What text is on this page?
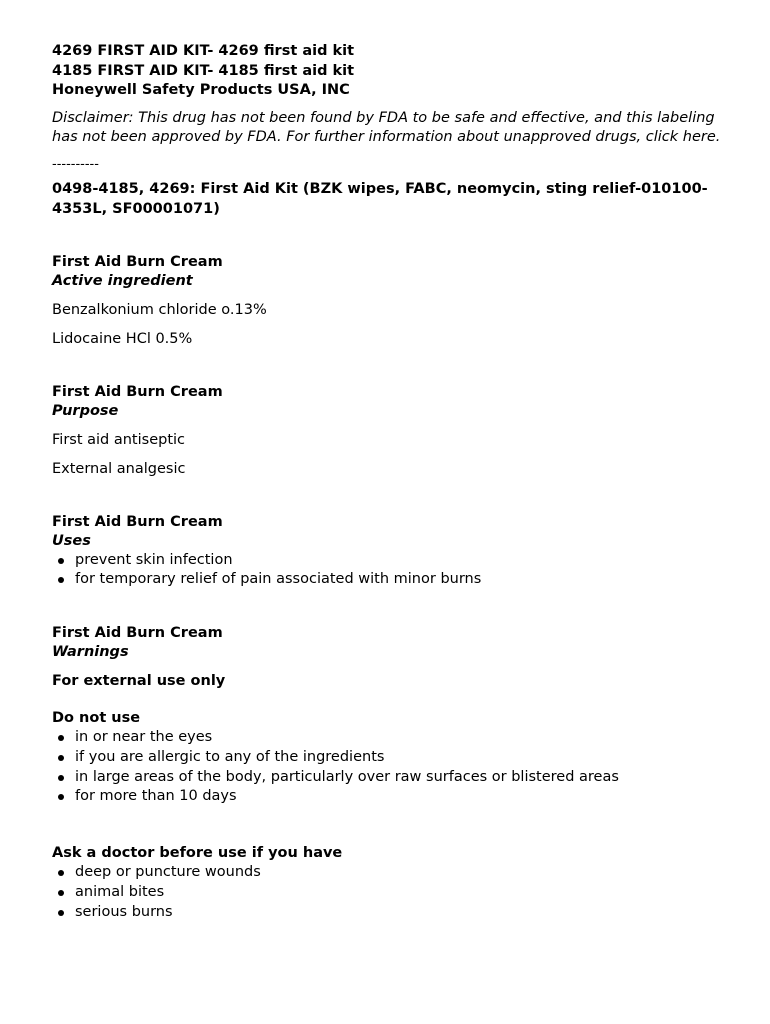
4269 FIRST AID KIT- 4269 first aid kit
4185 FIRST AID KIT- 4185 first aid kit
Honeywell Safety Products USA, INC
Disclaimer: This drug has not been found by FDA to be safe and effective, and this labeling has not been approved by FDA. For further information about unapproved drugs, click here.
----------
0498-4185, 4269: First Aid Kit (BZK wipes, FABC, neomycin, sting relief-010100-4353L, SF00001071)
First Aid Burn Cream
Active ingredient
Benzalkonium chloride o.13%
Lidocaine HCl 0.5%
First Aid Burn Cream
Purpose
First aid antiseptic
External analgesic
First Aid Burn Cream
Uses
prevent skin infection
for temporary relief of pain associated with minor burns
First Aid Burn Cream
Warnings
For external use only
Do not use
in or near the eyes
if you are allergic to any of the ingredients
in large areas of the body, particularly over raw surfaces or blistered areas
for more than 10 days
Ask a doctor before use if you have
deep or puncture wounds
animal bites
serious burns
